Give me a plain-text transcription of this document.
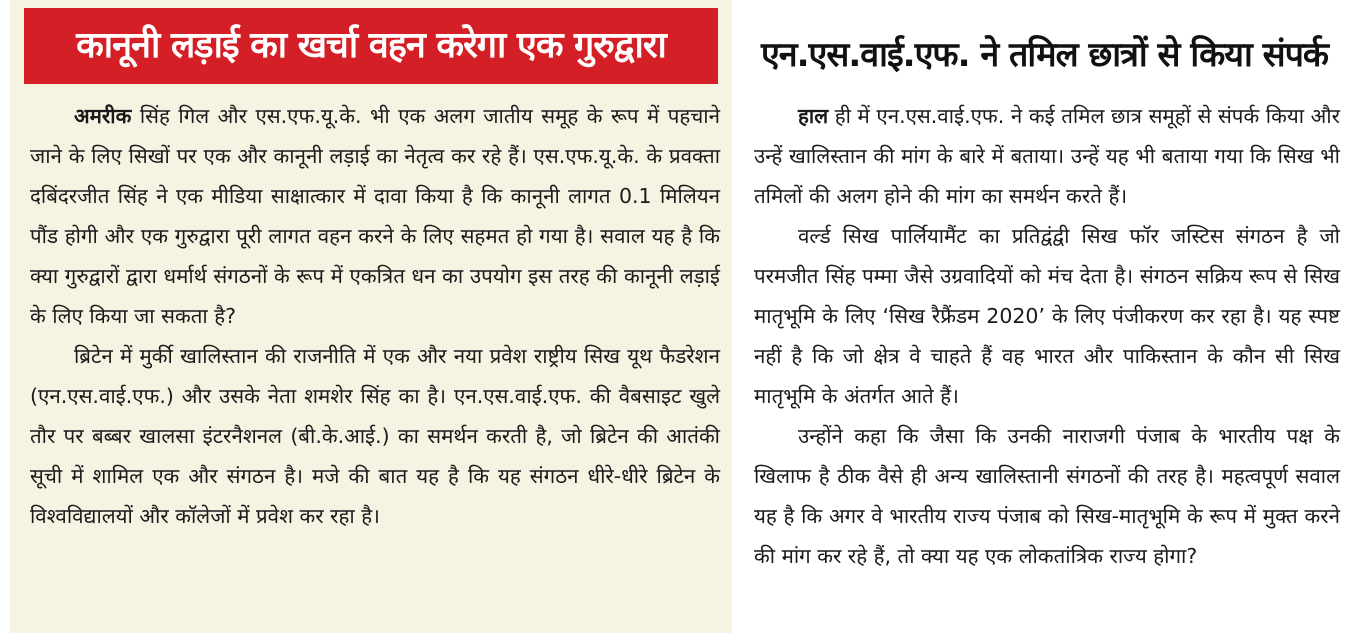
कानूनी लड़ाई का खर्चा वहन करेगा एक गुरुद्वारा

अमरीक सिंह गिल और एस.एफ.यू.के. भी एक अलग जातीय समूह के रूप में पहचाने जाने के लिए सिखों पर एक और कानूनी लड़ाई का नेतृत्व कर रहे हैं। एस.एफ.यू.के. के प्रवक्ता दबिंदरजीत सिंह ने एक मीडिया साक्षात्कार में दावा किया है कि कानूनी लागत 0.1 मिलियन पौंड होगी और एक गुरुद्वारा पूरी लागत वहन करने के लिए सहमत हो गया है। सवाल यह है कि क्या गुरुद्वारों द्वारा धर्मार्थ संगठनों के रूप में एकत्रित धन का उपयोग इस तरह की कानूनी लड़ाई के लिए किया जा सकता है?

ब्रिटेन में मुर्की खालिस्तान की राजनीति में एक और नया प्रवेश राष्ट्रीय सिख यूथ फैडरेशन (एन.एस.वाई.एफ.) और उसके नेता शमशेर सिंह का है। एन.एस.वाई.एफ. की वैबसाइट खुले तौर पर बब्बर खालसा इंटरनैशनल (बी.के.आई.) का समर्थन करती है, जो ब्रिटेन की आतंकी सूची में शामिल एक और संगठन है। मजे की बात यह है कि यह संगठन धीरे-धीरे ब्रिटेन के विश्वविद्यालयों और कॉलेजों में प्रवेश कर रहा है।

एन.एस.वाई.एफ. ने तमिल छात्रों से किया संपर्क

हाल ही में एन.एस.वाई.एफ. ने कई तमिल छात्र समूहों से संपर्क किया और उन्हें खालिस्तान की मांग के बारे में बताया। उन्हें यह भी बताया गया कि सिख भी तमिलों की अलग होने की मांग का समर्थन करते हैं।

वर्ल्ड सिख पार्लियामैंट का प्रतिद्वंद्वी सिख फॉर जस्टिस संगठन है जो परमजीत सिंह पम्मा जैसे उग्रवादियों को मंच देता है। संगठन सक्रिय रूप से सिख मातृभूमि के लिए ‘सिख रैफ्रैंडम 2020’ के लिए पंजीकरण कर रहा है। यह स्पष्ट नहीं है कि जो क्षेत्र वे चाहते हैं वह भारत और पाकिस्तान के कौन सी सिख मातृभूमि के अंतर्गत आते हैं।

उन्होंने कहा कि जैसा कि उनकी नाराजगी पंजाब के भारतीय पक्ष के खिलाफ है ठीक वैसे ही अन्य खालिस्तानी संगठनों की तरह है। महत्वपूर्ण सवाल यह है कि अगर वे भारतीय राज्य पंजाब को सिख-मातृभूमि के रूप में मुक्त करने की मांग कर रहे हैं, तो क्या यह एक लोकतांत्रिक राज्य होगा?
